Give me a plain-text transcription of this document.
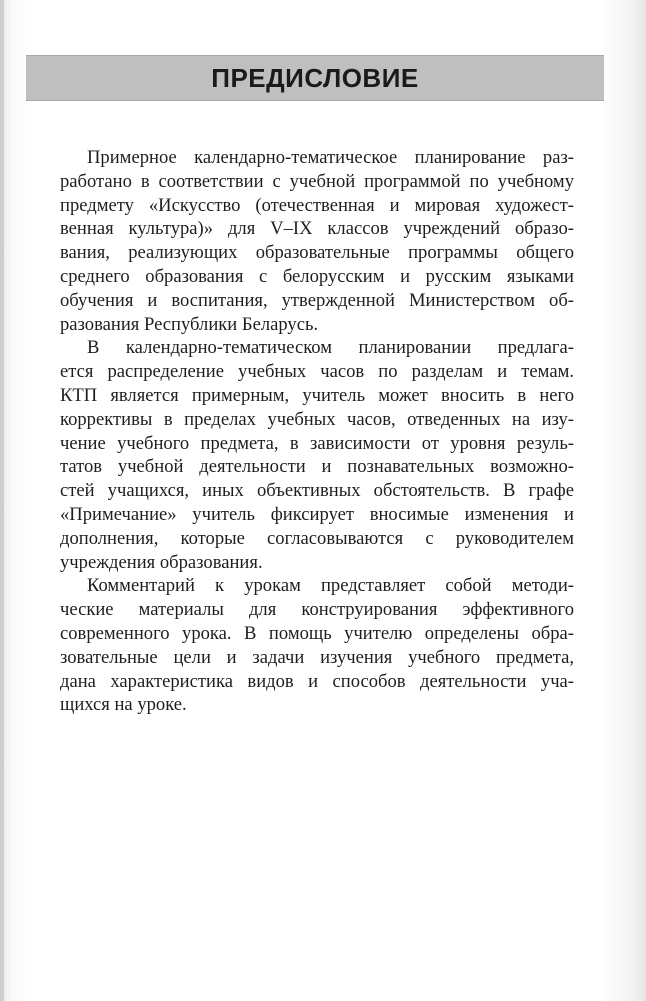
ПРЕДИСЛОВИЕ
Примерное календарно-тематическое планирование раз-
работано в соответствии с учебной программой по учебному
предмету «Искусство (отечественная и мировая художест-
венная культура)» для V–IX классов учреждений образо-
вания, реализующих образовательные программы общего
среднего образования с белорусским и русским языками
обучения и воспитания, утвержденной Министерством об-
разования Республики Беларусь.
В календарно-тематическом планировании предлага-
ется распределение учебных часов по разделам и темам.
КТП является примерным, учитель может вносить в него
коррективы в пределах учебных часов, отведенных на изу-
чение учебного предмета, в зависимости от уровня резуль-
татов учебной деятельности и познавательных возможно-
стей учащихся, иных объективных обстоятельств. В графе
«Примечание» учитель фиксирует вносимые изменения и
дополнения, которые согласовываются с руководителем
учреждения образования.
Комментарий к урокам представляет собой методи-
ческие материалы для конструирования эффективного
современного урока. В помощь учителю определены обра-
зовательные цели и задачи изучения учебного предмета,
дана характеристика видов и способов деятельности уча-
щихся на уроке.
